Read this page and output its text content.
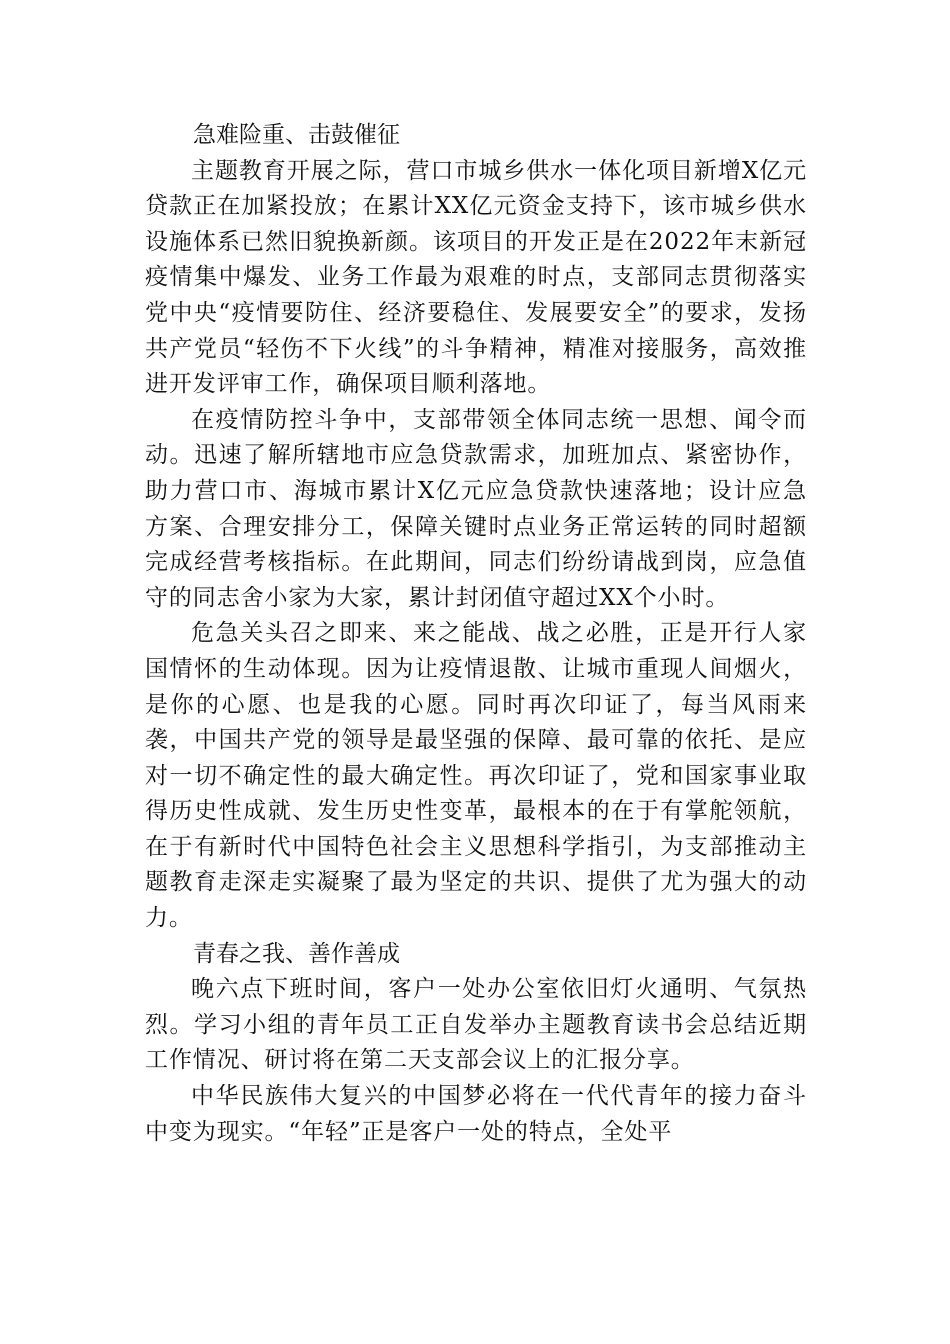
急难险重、击鼓催征

主题教育开展之际，营口市城乡供水一体化项目新增X亿元贷款正在加紧投放；在累计XX亿元资金支持下，该市城乡供水设施体系已然旧貌换新颜。该项目的开发正是在2022年末新冠疫情集中爆发、业务工作最为艰难的时点，支部同志贯彻落实党中央“疫情要防住、经济要稳住、发展要安全”的要求，发扬共产党员“轻伤不下火线”的斗争精神，精准对接服务，高效推进开发评审工作，确保项目顺利落地。

在疫情防控斗争中，支部带领全体同志统一思想、闻令而动。迅速了解所辖地市应急贷款需求，加班加点、紧密协作，助力营口市、海城市累计X亿元应急贷款快速落地；设计应急方案、合理安排分工，保障关键时点业务正常运转的同时超额完成经营考核指标。在此期间，同志们纷纷请战到岗，应急值守的同志舍小家为大家，累计封闭值守超过XX个小时。

危急关头召之即来、来之能战、战之必胜，正是开行人家国情怀的生动体现。因为让疫情退散、让城市重现人间烟火，是你的心愿、也是我的心愿。同时再次印证了，每当风雨来袭，中国共产党的领导是最坚强的保障、最可靠的依托、是应对一切不确定性的最大确定性。再次印证了，党和国家事业取得历史性成就、发生历史性变革，最根本的在于有掌舵领航，在于有新时代中国特色社会主义思想科学指引，为支部推动主题教育走深走实凝聚了最为坚定的共识、提供了尤为强大的动力。

青春之我、善作善成

晚六点下班时间，客户一处办公室依旧灯火通明、气氛热烈。学习小组的青年员工正自发举办主题教育读书会总结近期工作情况、研讨将在第二天支部会议上的汇报分享。

中华民族伟大复兴的中国梦必将在一代代青年的接力奋斗中变为现实。“年轻”正是客户一处的特点，全处平
